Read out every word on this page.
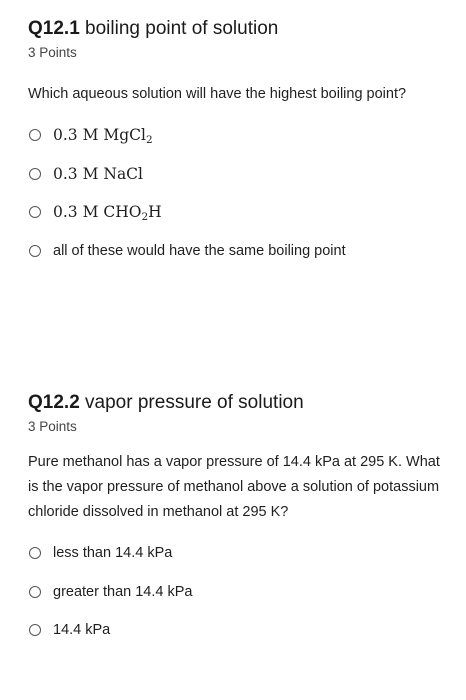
Q12.1 boiling point of solution
3 Points
Which aqueous solution will have the highest boiling point?
0.3 M MgCl$_2$
0.3 M NaCl
0.3 M $CHO_2H$
all of these would have the same boiling point
Q12.2 vapor pressure of solution
3 Points
Pure methanol has a vapor pressure of 14.4 kPa at 295 K. What is the vapor pressure of methanol above a solution of potassium chloride dissolved in methanol at 295 K?
less than 14.4 kPa
greater than 14.4 kPa
14.4 kPa
